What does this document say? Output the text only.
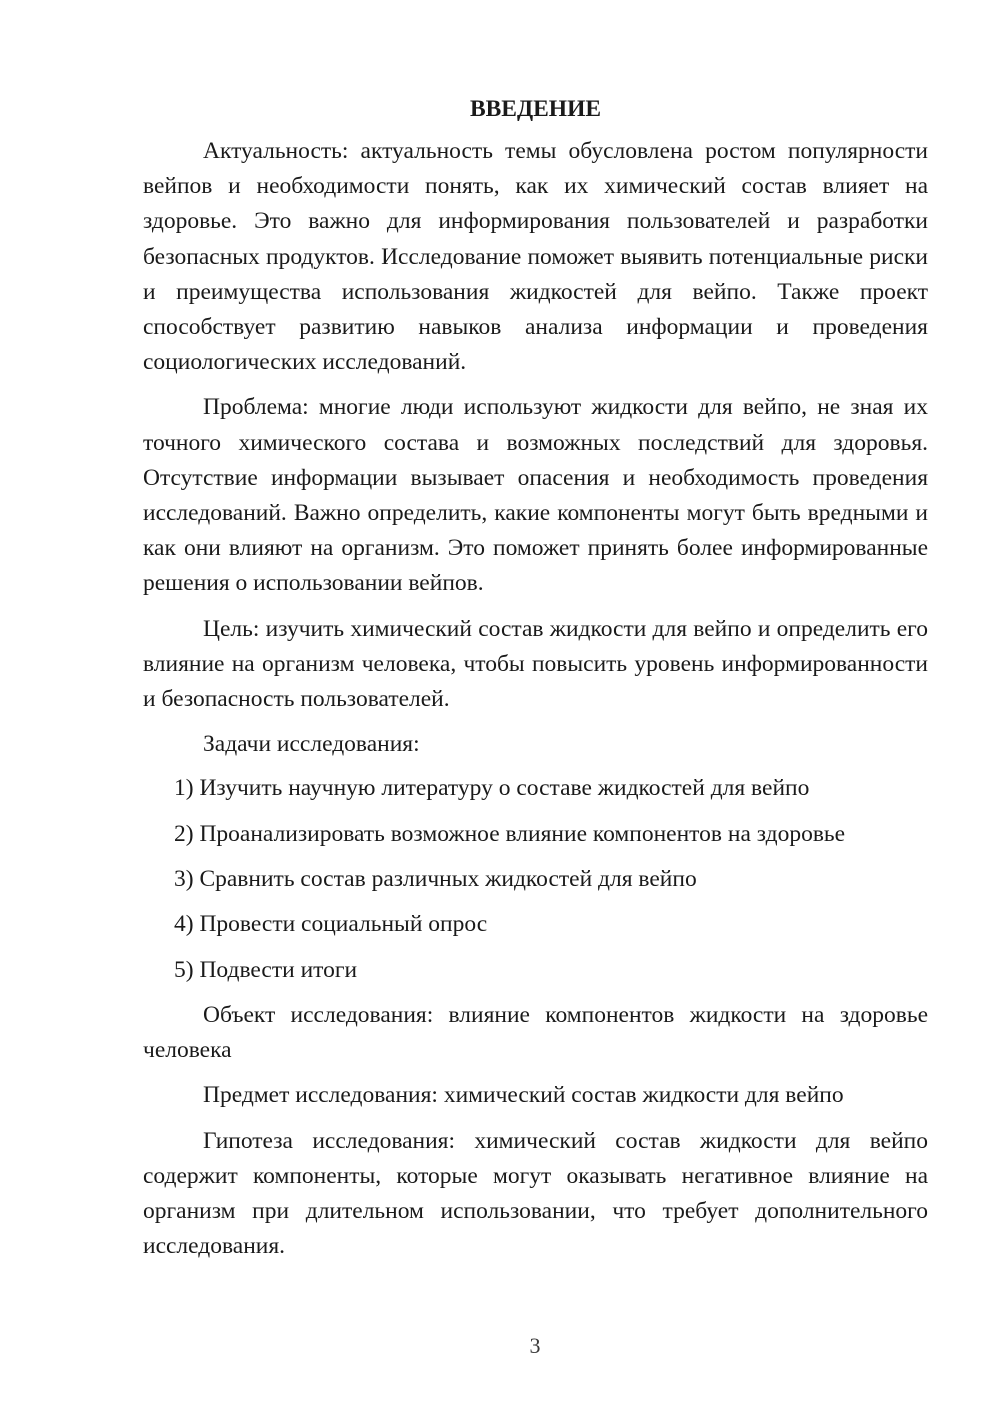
ВВЕДЕНИЕ

Актуальность: актуальность темы обусловлена ростом популярности вейпов и необходимости понять, как их химический состав влияет на здоровье. Это важно для информирования пользователей и разработки безопасных продуктов. Исследование поможет выявить потенциальные риски и преимущества использования жидкостей для вейпо. Также проект способствует развитию навыков анализа информации и проведения социологических исследований.

Проблема: многие люди используют жидкости для вейпо, не зная их точного химического состава и возможных последствий для здоровья. Отсутствие информации вызывает опасения и необходимость проведения исследований. Важно определить, какие компоненты могут быть вредными и как они влияют на организм. Это поможет принять более информированные решения о использовании вейпов.

Цель: изучить химический состав жидкости для вейпо и определить его влияние на организм человека, чтобы повысить уровень информированности и безопасность пользователей.

Задачи исследования:

1) Изучить научную литературу о составе жидкостей для вейпо
2) Проанализировать возможное влияние компонентов на здоровье
3) Сравнить состав различных жидкостей для вейпо
4) Провести социальный опрос
5) Подвести итоги

Объект исследования: влияние компонентов жидкости на здоровье человека

Предмет исследования: химический состав жидкости для вейпо

Гипотеза исследования: химический состав жидкости для вейпо содержит компоненты, которые могут оказывать негативное влияние на организм при длительном использовании, что требует дополнительного исследования.

3
